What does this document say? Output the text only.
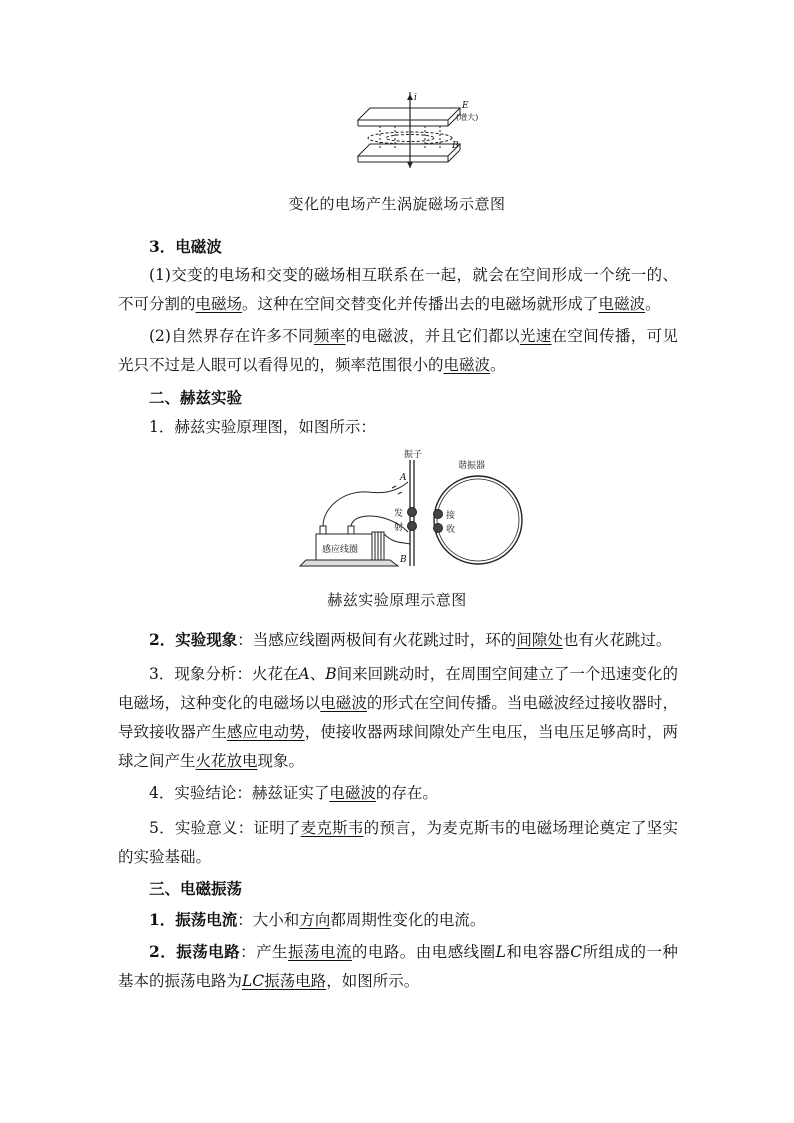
i
E
(增大)
B
变化的电场产生涡旋磁场示意图
3．电磁波
(1)交变的电场和交变的磁场相互联系在一起，就会在空间形成一个统一的、不可分割的电磁场。这种在空间交替变化并传播出去的电磁场就形成了电磁波。
(2)自然界存在许多不同频率的电磁波，并且它们都以光速在空间传播，可见光只不过是人眼可以看得见的，频率范围很小的电磁波。
二、赫兹实验
1．赫兹实验原理图，如图所示：
振子
谐振器
A
B
发
射
接
收
感应线圈
赫兹实验原理示意图
2．实验现象：当感应线圈两极间有火花跳过时，环的间隙处也有火花跳过。
3．现象分析：火花在A、B间来回跳动时，在周围空间建立了一个迅速变化的电磁场，这种变化的电磁场以电磁波的形式在空间传播。当电磁波经过接收器时，导致接收器产生感应电动势，使接收器两球间隙处产生电压，当电压足够高时，两球之间产生火花放电现象。
4．实验结论：赫兹证实了电磁波的存在。
5．实验意义：证明了麦克斯韦的预言，为麦克斯韦的电磁场理论奠定了坚实的实验基础。
三、电磁振荡
1．振荡电流：大小和方向都周期性变化的电流。
2．振荡电路：产生振荡电流的电路。由电感线圈L和电容器C所组成的一种基本的振荡电路为LC振荡电路，如图所示。
